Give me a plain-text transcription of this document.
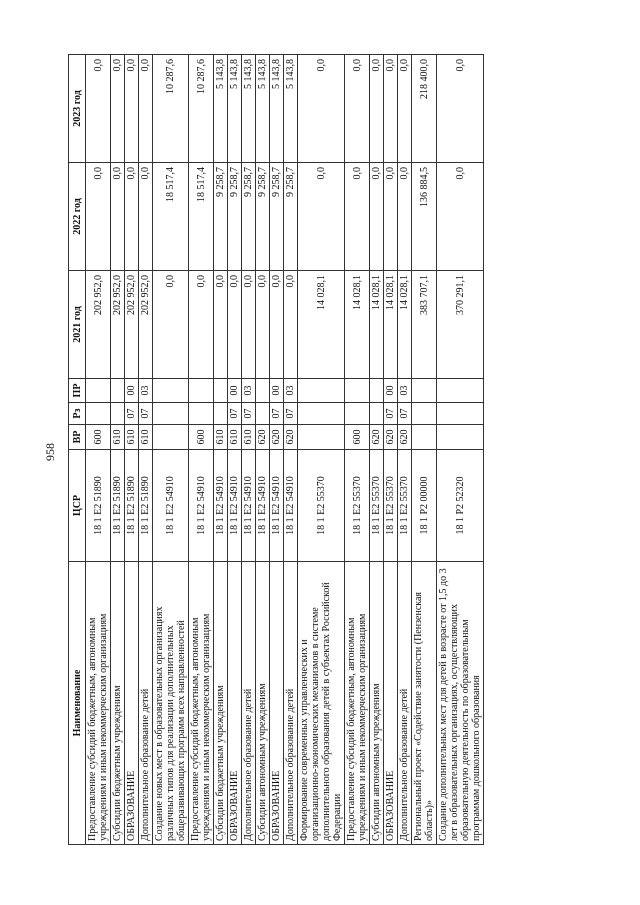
958
Наименование	ЦСР	ВР	Рз	ПР	2021 год	2022 год	2023 год
Предоставление субсидий бюджетным, автономным учреждениям и иным некоммерческим организациям	18 1 E2 51890	600			202 952,0	0,0	0,0
Субсидии бюджетным учреждениям	18 1 E2 51890	610			202 952,0	0,0	0,0
ОБРАЗОВАНИЕ	18 1 E2 51890	610	07	00	202 952,0	0,0	0,0
Дополнительное образование детей	18 1 E2 51890	610	07	03	202 952,0	0,0	0,0
Создание новых мест в образовательных организациях различных типов для реализации дополнительных общеразвивающих программ всех направленностей	18 1 E2 54910				0,0	18 517,4	10 287,6
Предоставление субсидий бюджетным, автономным учреждениям и иным некоммерческим организациям	18 1 E2 54910	600			0,0	18 517,4	10 287,6
Субсидии бюджетным учреждениям	18 1 E2 54910	610			0,0	9 258,7	5 143,8
ОБРАЗОВАНИЕ	18 1 E2 54910	610	07	00	0,0	9 258,7	5 143,8
Дополнительное образование детей	18 1 E2 54910	610	07	03	0,0	9 258,7	5 143,8
Субсидии автономным учреждениям	18 1 E2 54910	620			0,0	9 258,7	5 143,8
ОБРАЗОВАНИЕ	18 1 E2 54910	620	07	00	0,0	9 258,7	5 143,8
Дополнительное образование детей	18 1 E2 54910	620	07	03	0,0	9 258,7	5 143,8
Формирование современных управленческих и организационно-экономических механизмов в системе дополнительного образования детей в субъектах Российской Федерации	18 1 E2 55370				14 028,1	0,0	0,0
Предоставление субсидий бюджетным, автономным учреждениям и иным некоммерческим организациям	18 1 E2 55370	600			14 028,1	0,0	0,0
Субсидии автономным учреждениям	18 1 E2 55370	620			14 028,1	0,0	0,0
ОБРАЗОВАНИЕ	18 1 E2 55370	620	07	00	14 028,1	0,0	0,0
Дополнительное образование детей	18 1 E2 55370	620	07	03	14 028,1	0,0	0,0
Региональный проект «Содействие занятости (Пензенская область)»	18 1 P2 00000				383 707,1	136 884,5	218 400,0
Создание дополнительных мест для детей в возрасте от 1,5 до 3 лет в образовательных организациях, осуществляющих образовательную деятельность по образовательным программам дошкольного образования	18 1 P2 52320				370 291,1	0,0	0,0
